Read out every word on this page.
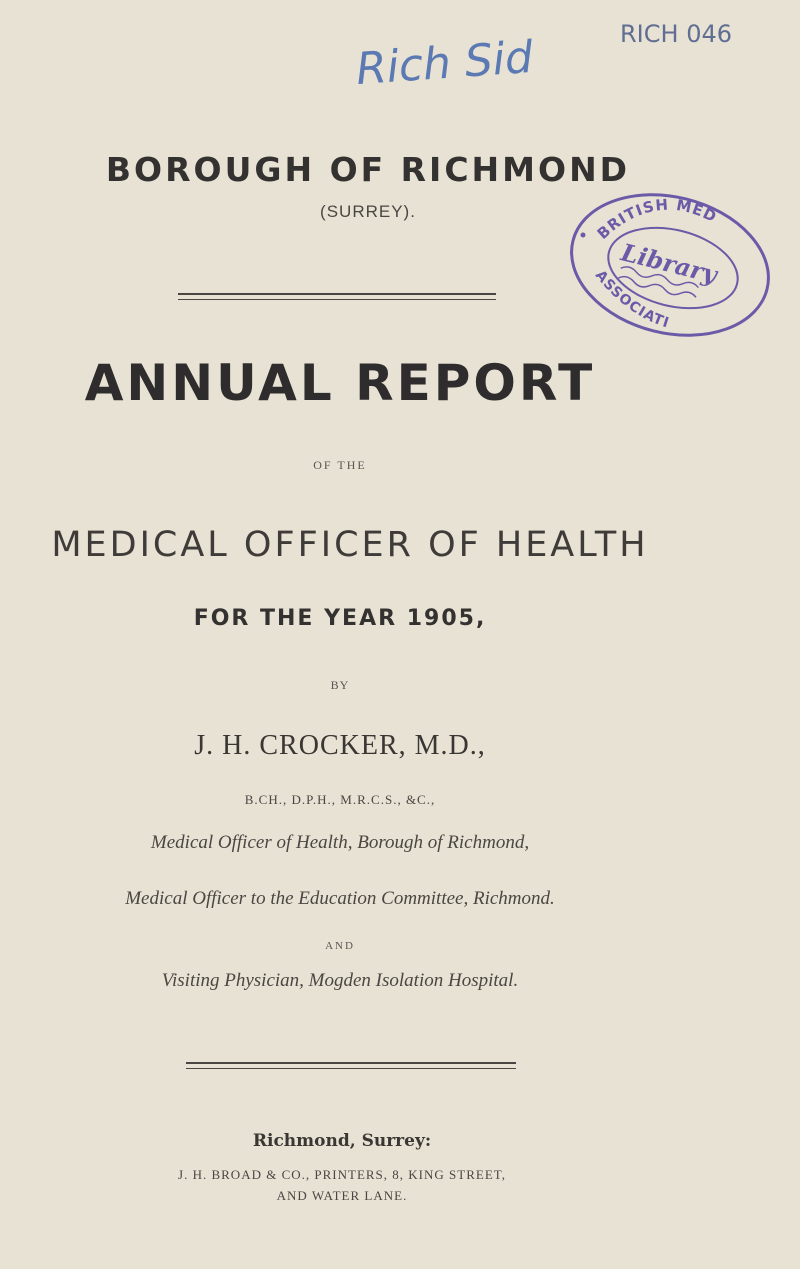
Rich Sid	RICH 046
BOROUGH OF RICHMOND
(SURREY).
BRITISH MED
ASSOCIATI
Library
ANNUAL REPORT
OF THE
MEDICAL OFFICER OF HEALTH
FOR THE YEAR 1905,
BY
J. H. CROCKER, M.D.,
B.CH., D.P.H., M.R.C.S., &C.,
Medical Officer of Health, Borough of Richmond,
Medical Officer to the Education Committee, Richmond.
AND
Visiting Physician, Mogden Isolation Hospital.
Richmond, Surrey:
J. H. BROAD & CO., PRINTERS, 8, KING STREET,
AND WATER LANE.
